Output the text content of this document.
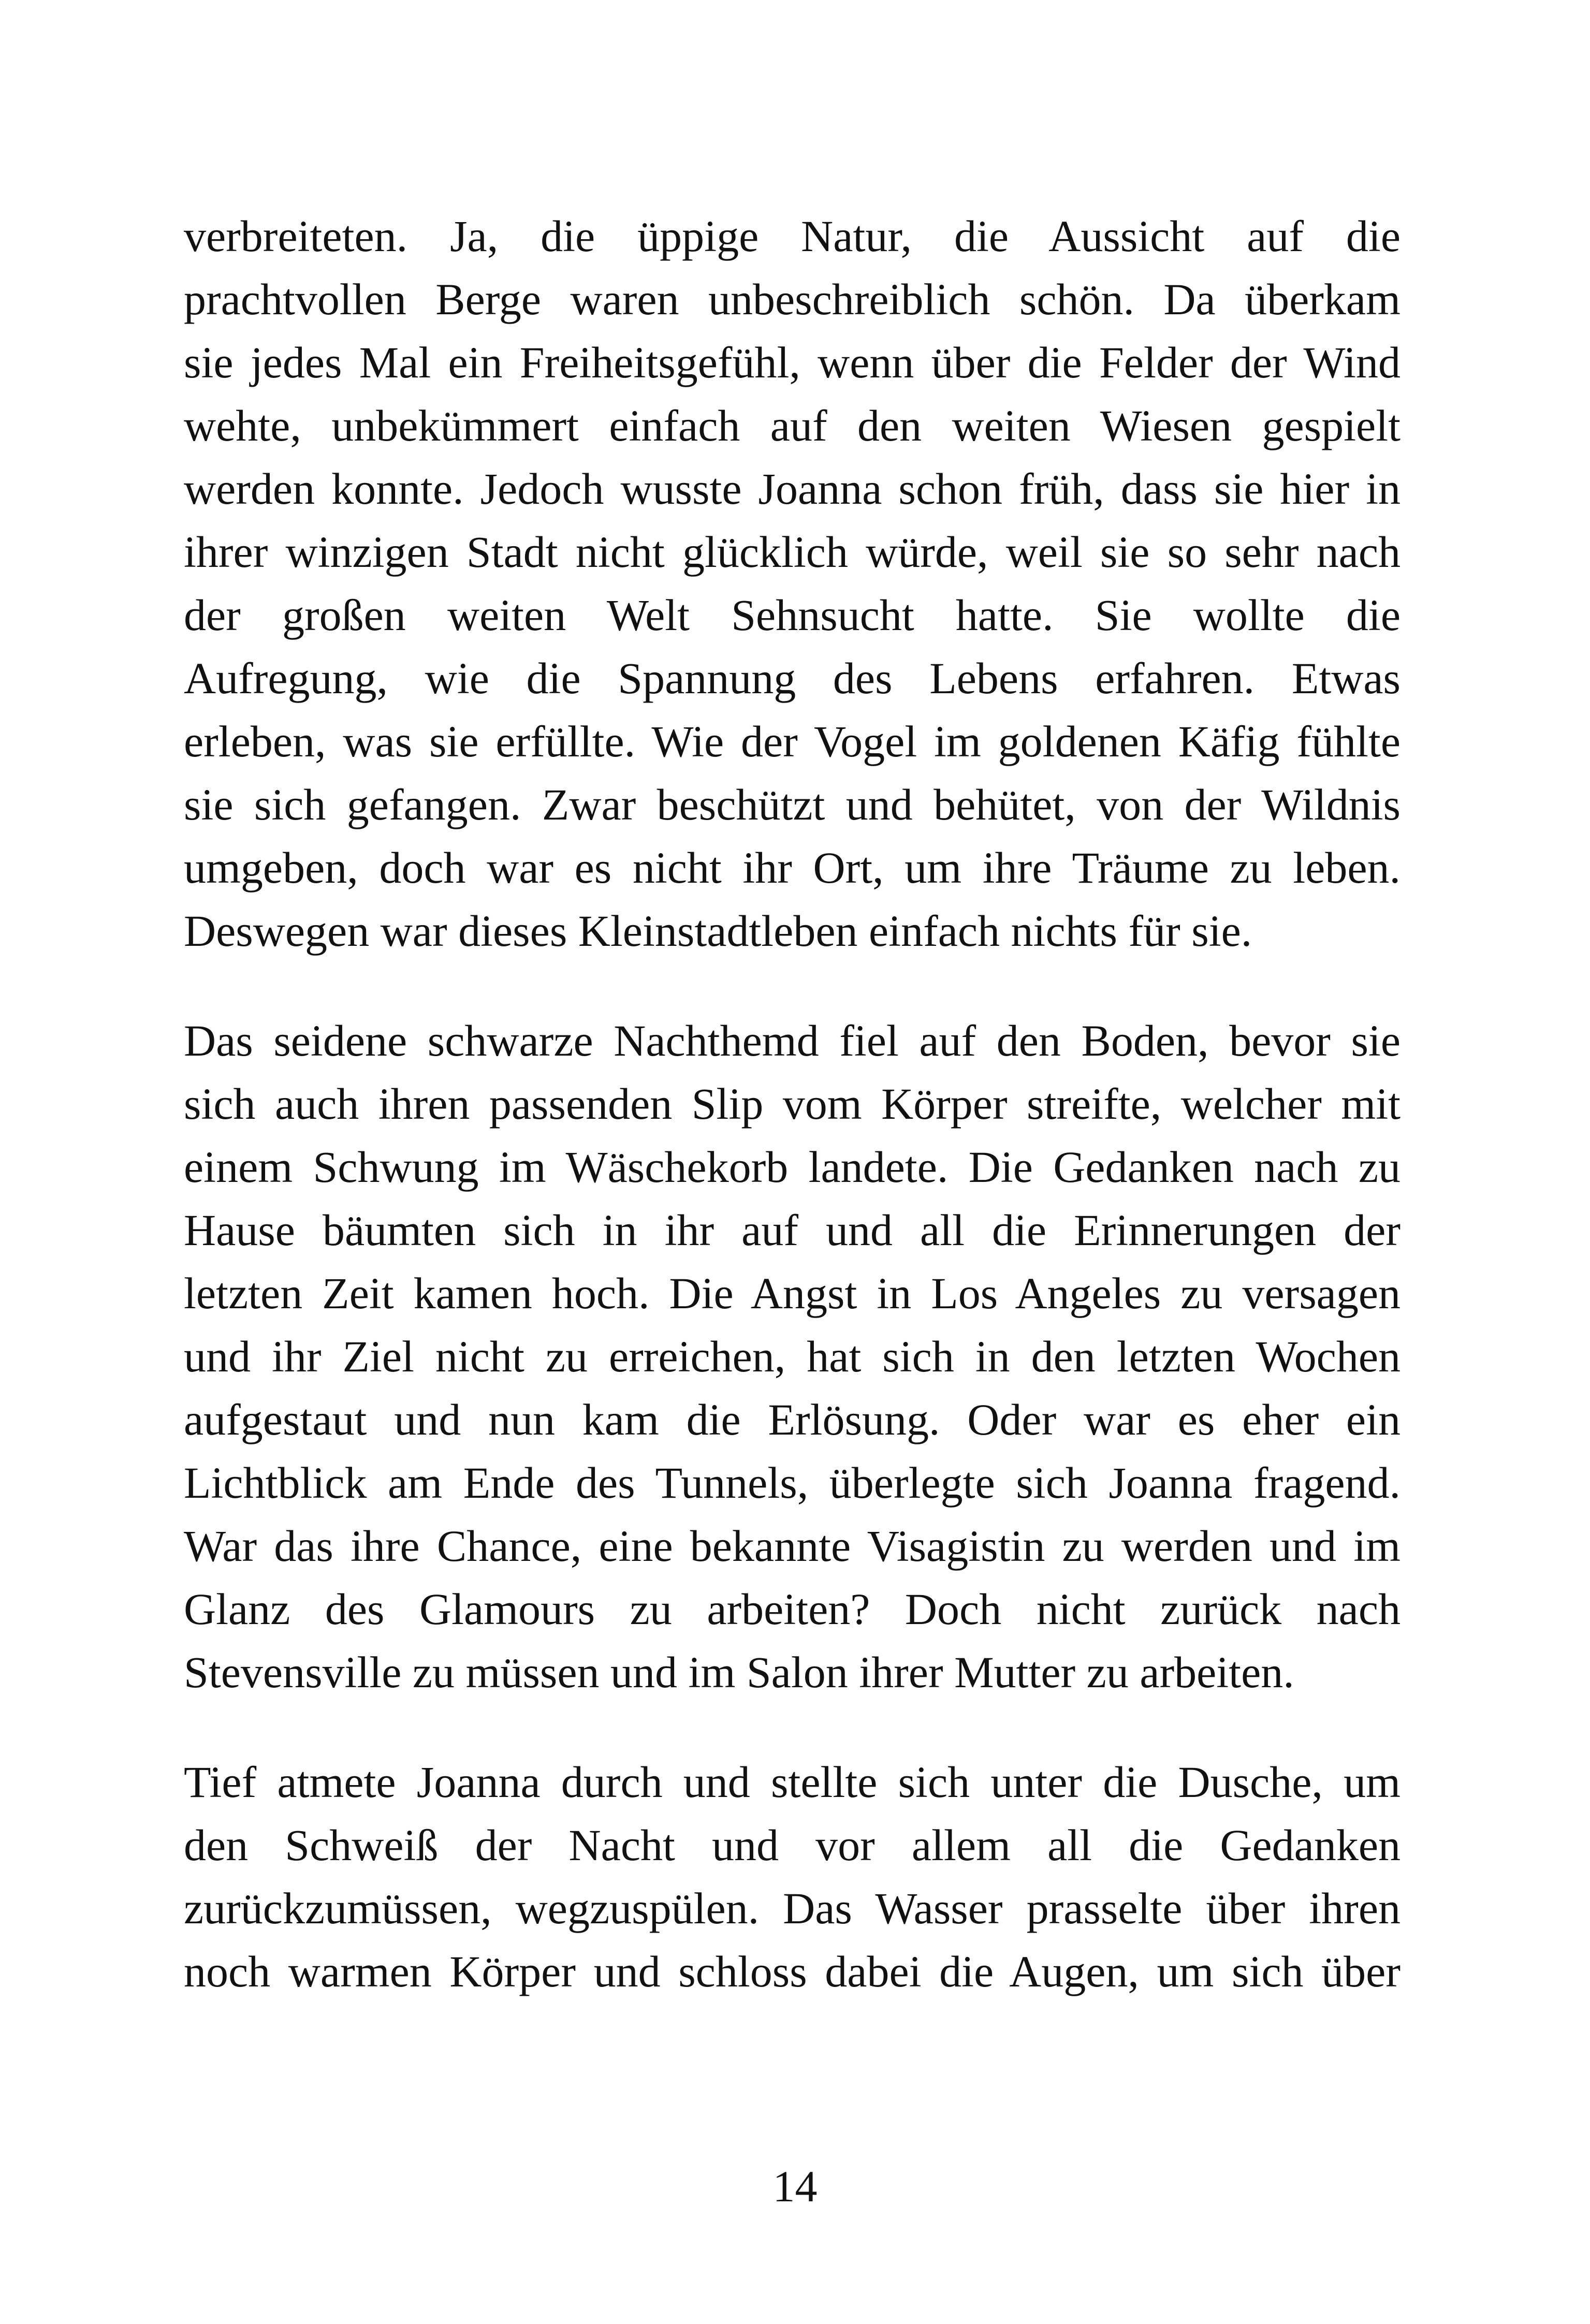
verbreiteten. Ja, die üppige Natur, die Aussicht auf die
prachtvollen Berge waren unbeschreiblich schön. Da überkam
sie jedes Mal ein Freiheitsgefühl, wenn über die Felder der Wind
wehte, unbekümmert einfach auf den weiten Wiesen gespielt
werden konnte. Jedoch wusste Joanna schon früh, dass sie hier in
ihrer winzigen Stadt nicht glücklich würde, weil sie so sehr nach
der großen weiten Welt Sehnsucht hatte. Sie wollte die
Aufregung, wie die Spannung des Lebens erfahren. Etwas
erleben, was sie erfüllte. Wie der Vogel im goldenen Käfig fühlte
sie sich gefangen. Zwar beschützt und behütet, von der Wildnis
umgeben, doch war es nicht ihr Ort, um ihre Träume zu leben.
Deswegen war dieses Kleinstadtleben einfach nichts für sie.

Das seidene schwarze Nachthemd fiel auf den Boden, bevor sie
sich auch ihren passenden Slip vom Körper streifte, welcher mit
einem Schwung im Wäschekorb landete. Die Gedanken nach zu
Hause bäumten sich in ihr auf und all die Erinnerungen der
letzten Zeit kamen hoch. Die Angst in Los Angeles zu versagen
und ihr Ziel nicht zu erreichen, hat sich in den letzten Wochen
aufgestaut und nun kam die Erlösung. Oder war es eher ein
Lichtblick am Ende des Tunnels, überlegte sich Joanna fragend.
War das ihre Chance, eine bekannte Visagistin zu werden und im
Glanz des Glamours zu arbeiten? Doch nicht zurück nach
Stevensville zu müssen und im Salon ihrer Mutter zu arbeiten.

Tief atmete Joanna durch und stellte sich unter die Dusche, um
den Schweiß der Nacht und vor allem all die Gedanken
zurückzumüssen, wegzuspülen. Das Wasser prasselte über ihren
noch warmen Körper und schloss dabei die Augen, um sich über

14
